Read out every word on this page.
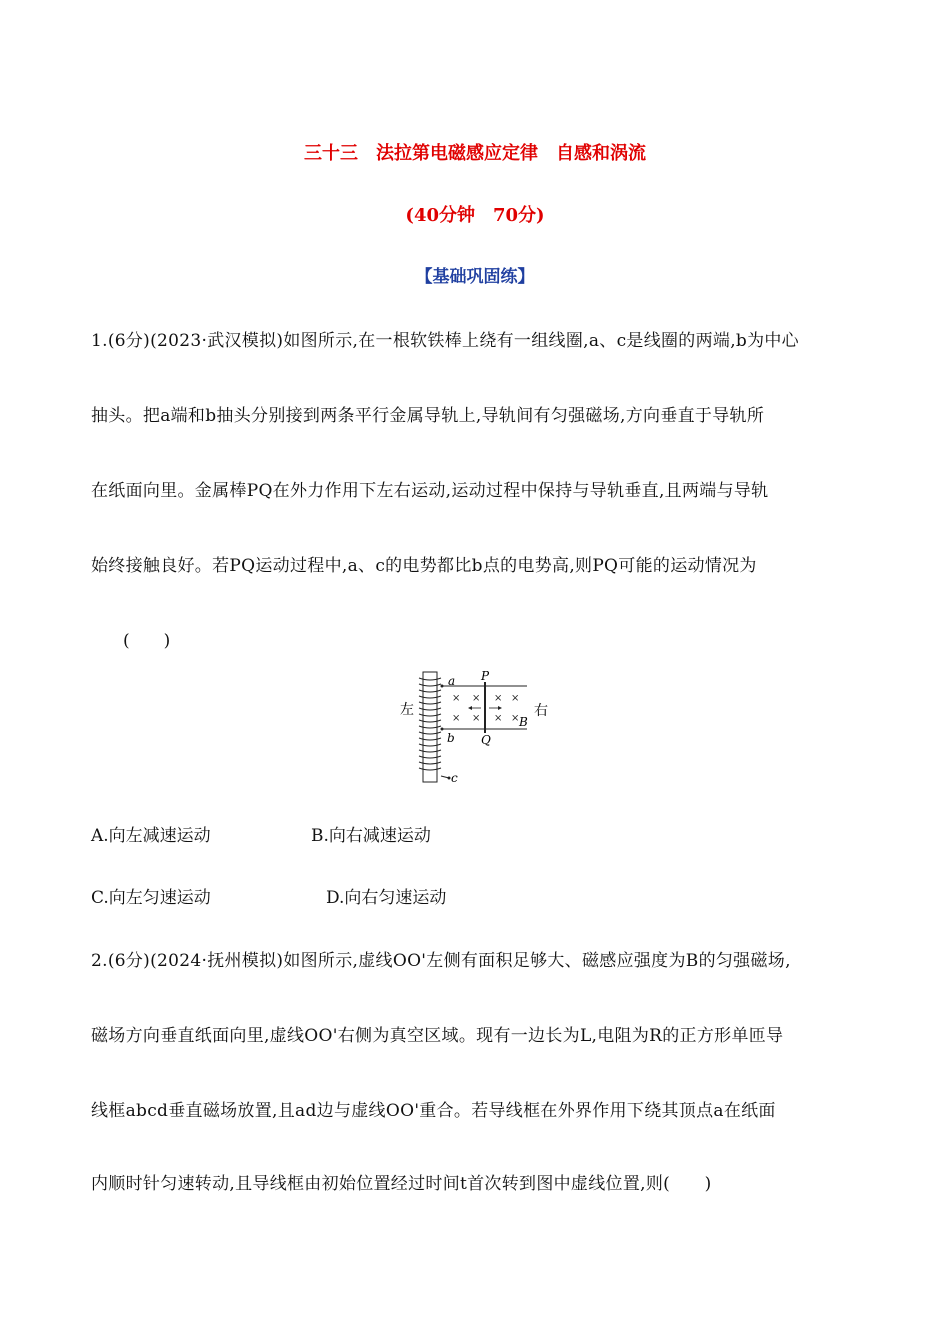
三十三　法拉第电磁感应定律　自感和涡流
(40分钟　70分)
【基础巩固练】
1.(6分)(2023·武汉模拟)如图所示,在一根软铁棒上绕有一组线圈,a、c是线圈的两端,b为中心
抽头。把a端和b抽头分别接到两条平行金属导轨上,导轨间有匀强磁场,方向垂直于导轨所
在纸面向里。金属棒PQ在外力作用下左右运动,运动过程中保持与导轨垂直,且两端与导轨
始终接触良好。若PQ运动过程中,a、c的电势都比b点的电势高,则PQ可能的运动情况为
(　　)
× × × ×
× × × ×
左	右
a
b
c
P
Q
B
A.向左减速运动	B.向右减速运动
C.向左匀速运动	D.向右匀速运动
2.(6分)(2024·抚州模拟)如图所示,虚线OO'左侧有面积足够大、磁感应强度为B的匀强磁场,
磁场方向垂直纸面向里,虚线OO'右侧为真空区域。现有一边长为L,电阻为R的正方形单匝导
线框abcd垂直磁场放置,且ad边与虚线OO'重合。若导线框在外界作用下绕其顶点a在纸面
内顺时针匀速转动,且导线框由初始位置经过时间t首次转到图中虚线位置,则(　　)
